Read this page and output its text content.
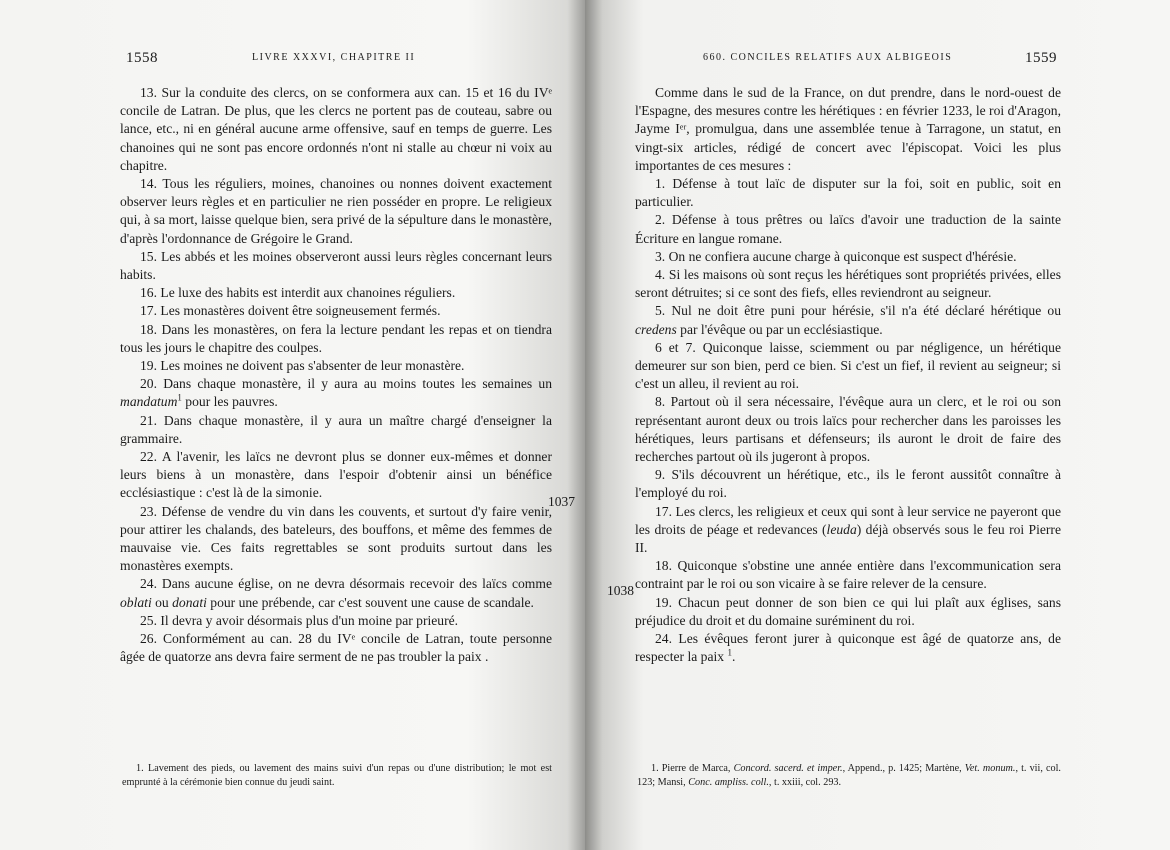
1558	LIVRE XXXVI, CHAPITRE II

13. Sur la conduite des clercs, on se conformera aux can. 15 et 16 du IVᵉ concile de Latran. De plus, que les clercs ne portent pas de couteau, sabre ou lance, etc., ni en général aucune arme offensive, sauf en temps de guerre. Les chanoines qui ne sont pas encore ordonnés n'ont ni stalle au chœur ni voix au chapitre.

14. Tous les réguliers, moines, chanoines ou nonnes doivent exactement observer leurs règles et en particulier ne rien posséder en propre. Le religieux qui, à sa mort, laisse quelque bien, sera privé de la sépulture dans le monastère, d'après l'ordonnance de Grégoire le Grand.

15. Les abbés et les moines observeront aussi leurs règles concernant leurs habits.

16. Le luxe des habits est interdit aux chanoines réguliers.

17. Les monastères doivent être soigneusement fermés.

18. Dans les monastères, on fera la lecture pendant les repas et on tiendra tous les jours le chapitre des coulpes.

19. Les moines ne doivent pas s'absenter de leur monastère.

20. Dans chaque monastère, il y aura au moins toutes les semaines un mandatum$^1$ pour les pauvres.

21. Dans chaque monastère, il y aura un maître chargé d'enseigner la grammaire.

22. A l'avenir, les laïcs ne devront plus se donner eux-mêmes et donner leurs biens à un monastère, dans l'espoir d'obtenir ainsi un bénéfice ecclésiastique : c'est là de la simonie.

23. Défense de vendre du vin dans les couvents, et surtout d'y faire venir, pour attirer les chalands, des bateleurs, des bouffons, et même des femmes de mauvaise vie. Ces faits regrettables se sont produits surtout dans les monastères exempts.

24. Dans aucune église, on ne devra désormais recevoir des laïcs comme oblati ou donati pour une prébende, car c'est souvent une cause de scandale.

25. Il devra y avoir désormais plus d'un moine par prieuré.

26. Conformément au can. 28 du IVᵉ concile de Latran, toute personne âgée de quatorze ans devra faire serment de ne pas troubler la paix .

1037

1. Lavement des pieds, ou lavement des mains suivi d'un repas ou d'une distribution; le mot est emprunté à la cérémonie bien connue du jeudi saint.

660. CONCILES RELATIFS AUX ALBIGEOIS	1559

Comme dans le sud de la France, on dut prendre, dans le nord-ouest de l'Espagne, des mesures contre les hérétiques : en février 1233, le roi d'Aragon, Jayme Iᵉʳ, promulgua, dans une assemblée tenue à Tarragone, un statut, en vingt-six articles, rédigé de concert avec l'épiscopat. Voici les plus importantes de ces mesures :

1. Défense à tout laïc de disputer sur la foi, soit en public, soit en particulier.

2. Défense à tous prêtres ou laïcs d'avoir une traduction de la sainte Écriture en langue romane.

3. On ne confiera aucune charge à quiconque est suspect d'hérésie.

4. Si les maisons où sont reçus les hérétiques sont propriétés privées, elles seront détruites; si ce sont des fiefs, elles reviendront au seigneur.

5. Nul ne doit être puni pour hérésie, s'il n'a été déclaré hérétique ou credens par l'évêque ou par un ecclésiastique.

6 et 7. Quiconque laisse, sciemment ou par négligence, un hérétique demeurer sur son bien, perd ce bien. Si c'est un fief, il revient au seigneur; si c'est un alleu, il revient au roi.

8. Partout où il sera nécessaire, l'évêque aura un clerc, et le roi ou son représentant auront deux ou trois laïcs pour rechercher dans les paroisses les hérétiques, leurs partisans et défenseurs; ils auront le droit de faire des recherches partout où ils jugeront à propos.

9. S'ils découvrent un hérétique, etc., ils le feront aussitôt connaître à l'employé du roi.

17. Les clercs, les religieux et ceux qui sont à leur service ne payeront que les droits de péage et redevances (leuda) déjà observés sous le feu roi Pierre II.

18. Quiconque s'obstine une année entière dans l'excommunication sera contraint par le roi ou son vicaire à se faire relever de la censure.

19. Chacun peut donner de son bien ce qui lui plaît aux églises, sans préjudice du droit et du domaine suréminent du roi.

24. Les évêques feront jurer à quiconque est âgé de quatorze ans, de respecter la paix $^1$.

1038

1. Pierre de Marca, Concord. sacerd. et imper., Append., p. 1425; Martène, Vet. monum., t. vii, col. 123; Mansi, Conc. ampliss. coll., t. xxiii, col. 293.
